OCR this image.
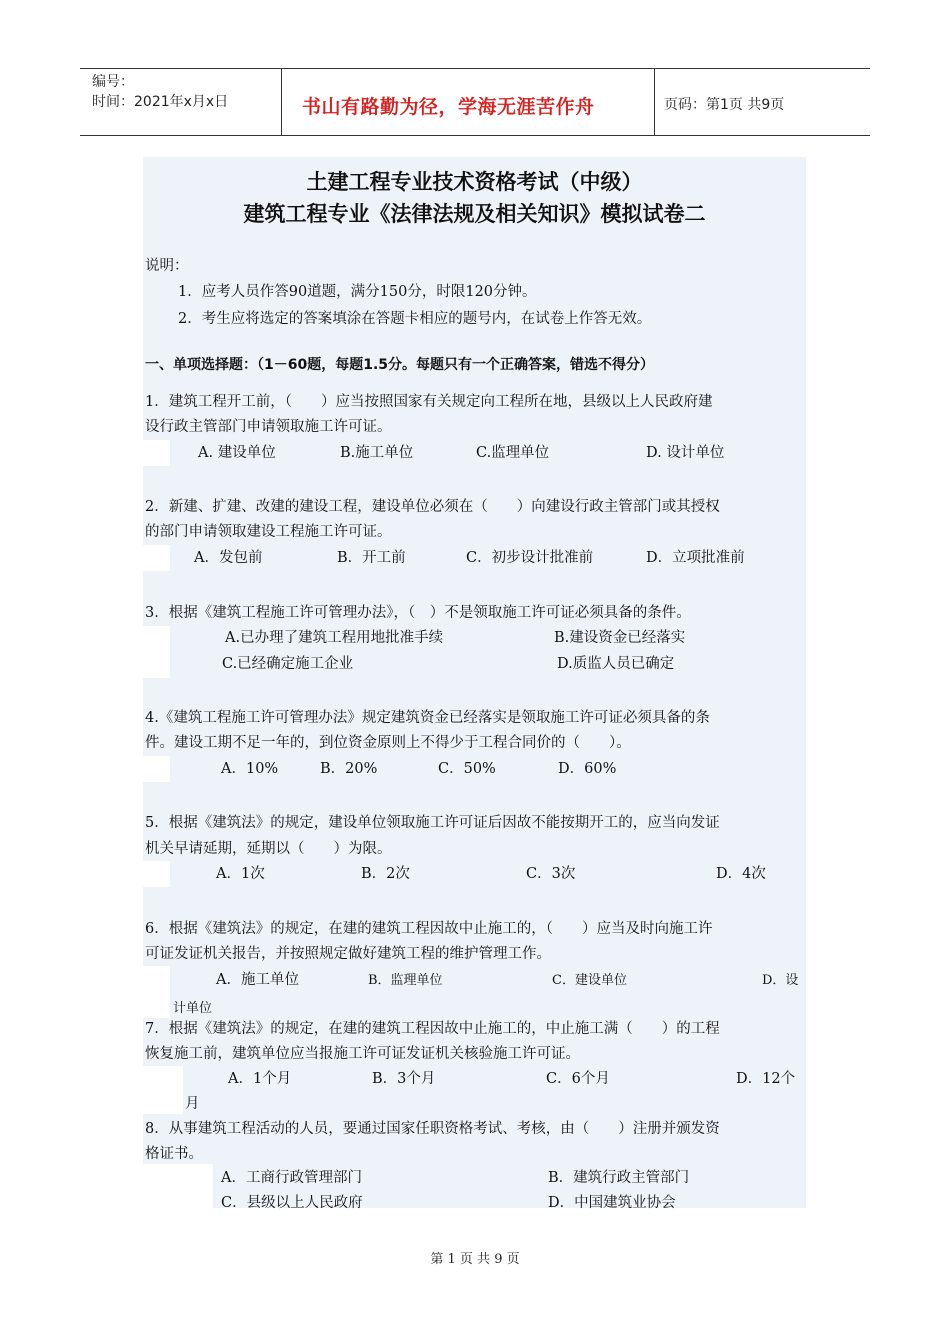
编号：
时间：2021年x月x日	书山有路勤为径，学海无涯苦作舟	页码：第1页 共9页
土建工程专业技术资格考试（中级）
建筑工程专业《法律法规及相关知识》模拟试卷二
说明：
1．应考人员作答90道题，满分150分，时限120分钟。
2．考生应将选定的答案填涂在答题卡相应的题号内，在试卷上作答无效。
一、单项选择题：（1－60题，每题1.5分。每题只有一个正确答案，错选不得分）
1．建筑工程开工前，（　　）应当按照国家有关规定向工程所在地，县级以上人民政府建
设行政主管部门申请领取施工许可证。
A. 建设单位	B.施工单位	C.监理单位	D. 设计单位
2．新建、扩建、改建的建设工程，建设单位必须在（　　）向建设行政主管部门或其授权
的部门申请领取建设工程施工许可证。
A．发包前	B．开工前	C．初步设计批准前	D．立项批准前
3．根据《建筑工程施工许可管理办法》，（　）不是领取施工许可证必须具备的条件。
A.已办理了建筑工程用地批准手续	B.建设资金已经落实
C.已经确定施工企业	D.质监人员已确定
4.《建筑工程施工许可管理办法》规定建筑资金已经落实是领取施工许可证必须具备的条
件。建设工期不足一年的，到位资金原则上不得少于工程合同价的（　　）。
A．10%	B．20%	C．50%	D．60%
5．根据《建筑法》的规定，建设单位领取施工许可证后因故不能按期开工的，应当向发证
机关早请延期，延期以（　　）为限。
A．1次	B．2次	C．3次	D．4次
6．根据《建筑法》的规定，在建的建筑工程因故中止施工的，（　　）应当及时向施工许
可证发证机关报告，并按照规定做好建筑工程的维护管理工作。
A．施工单位	B．监理单位	C．建设单位	D．设
计单位
7．根据《建筑法》的规定，在建的建筑工程因故中止施工的，中止施工满（　　）的工程
恢复施工前，建筑单位应当报施工许可证发证机关核验施工许可证。
A．1个月	B．3个月	C．6个月	D．12个
月
8．从事建筑工程活动的人员，要通过国家任职资格考试、考核，由（　　）注册并颁发资
格证书。
A．工商行政管理部门	B．建筑行政主管部门
C．县级以上人民政府	D．中国建筑业协会
第 1 页 共 9 页
